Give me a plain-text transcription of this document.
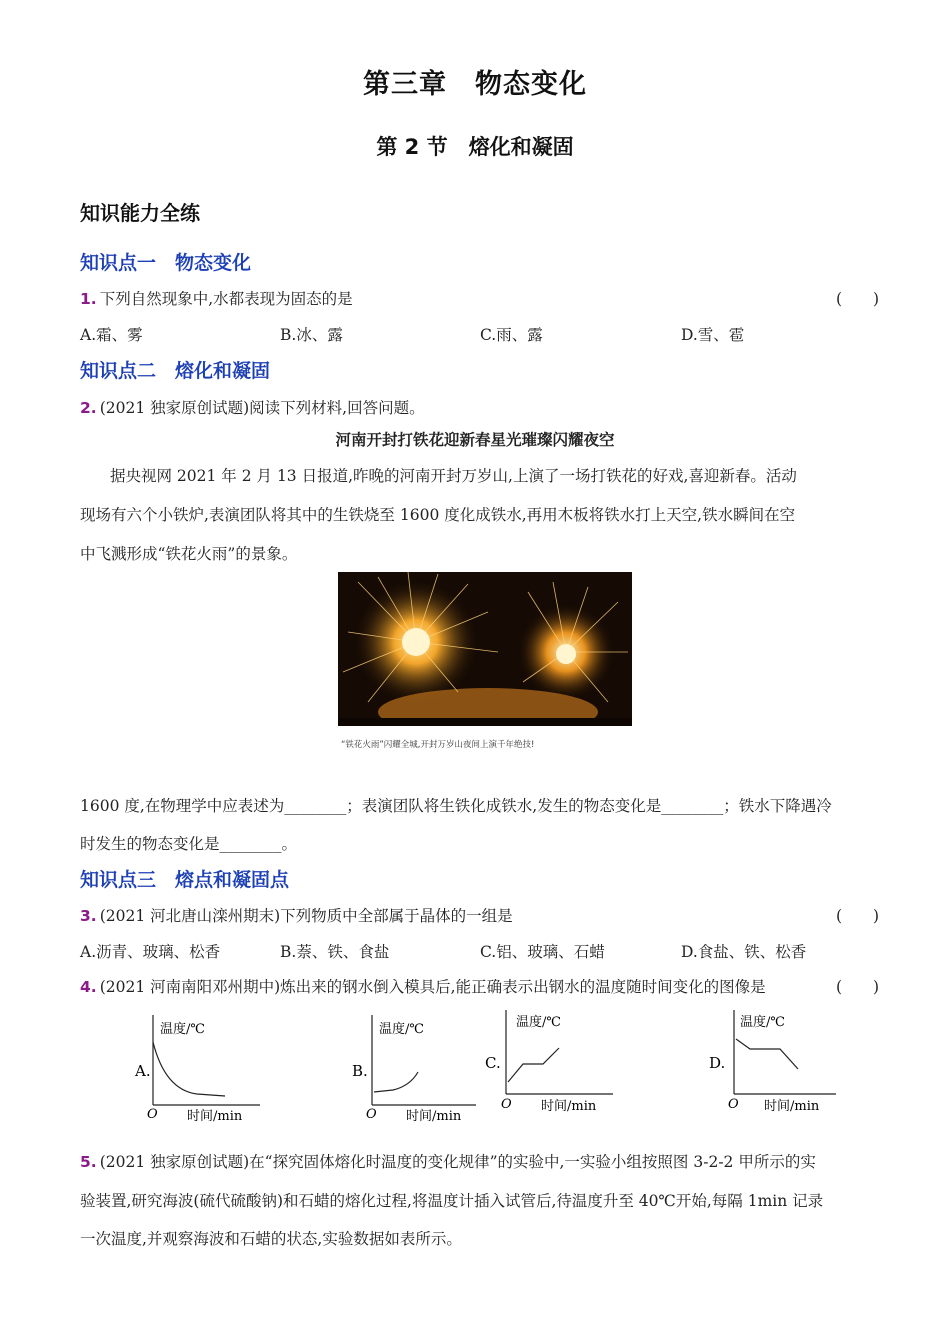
第三章　物态变化
第 2 节　熔化和凝固
知识能力全练
知识点一　物态变化
1. 下列自然现象中,水都表现为固态的是	(　　)
A.霜、雾	B.冰、露	C.雨、露	D.雪、雹
知识点二　熔化和凝固
2. (2021 独家原创试题)阅读下列材料,回答问题。
河南开封打铁花迎新春星光璀璨闪耀夜空
据央视网 2021 年 2 月 13 日报道,昨晚的河南开封万岁山,上演了一场打铁花的好戏,喜迎新春。活动
现场有六个小铁炉,表演团队将其中的生铁烧至 1600 度化成铁水,再用木板将铁水打上天空,铁水瞬间在空
中飞溅形成“铁花火雨”的景象。
“铁花火雨”闪耀全城,开封万岁山夜间上演千年绝技!
1600 度,在物理学中应表述为________；表演团队将生铁化成铁水,发生的物态变化是________；铁水下降遇冷
时发生的物态变化是________。
知识点三　熔点和凝固点
3. (2021 河北唐山滦州期末)下列物质中全部属于晶体的一组是	(　　)
A.沥青、玻璃、松香	B.萘、铁、食盐	C.铝、玻璃、石蜡	D.食盐、铁、松香
4. (2021 河南南阳邓州期中)炼出来的钢水倒入模具后,能正确表示出钢水的温度随时间变化的图像是	(　　)
A.
温度/℃
O 时间/min
B.
温度/℃
O 时间/min
C.
温度/℃
O 时间/min
D.
温度/℃
O 时间/min
5. (2021 独家原创试题)在“探究固体熔化时温度的变化规律”的实验中,一实验小组按照图 3-2-2 甲所示的实
验装置,研究海波(硫代硫酸钠)和石蜡的熔化过程,将温度计插入试管后,待温度升至 40℃开始,每隔 1min 记录
一次温度,并观察海波和石蜡的状态,实验数据如表所示。
